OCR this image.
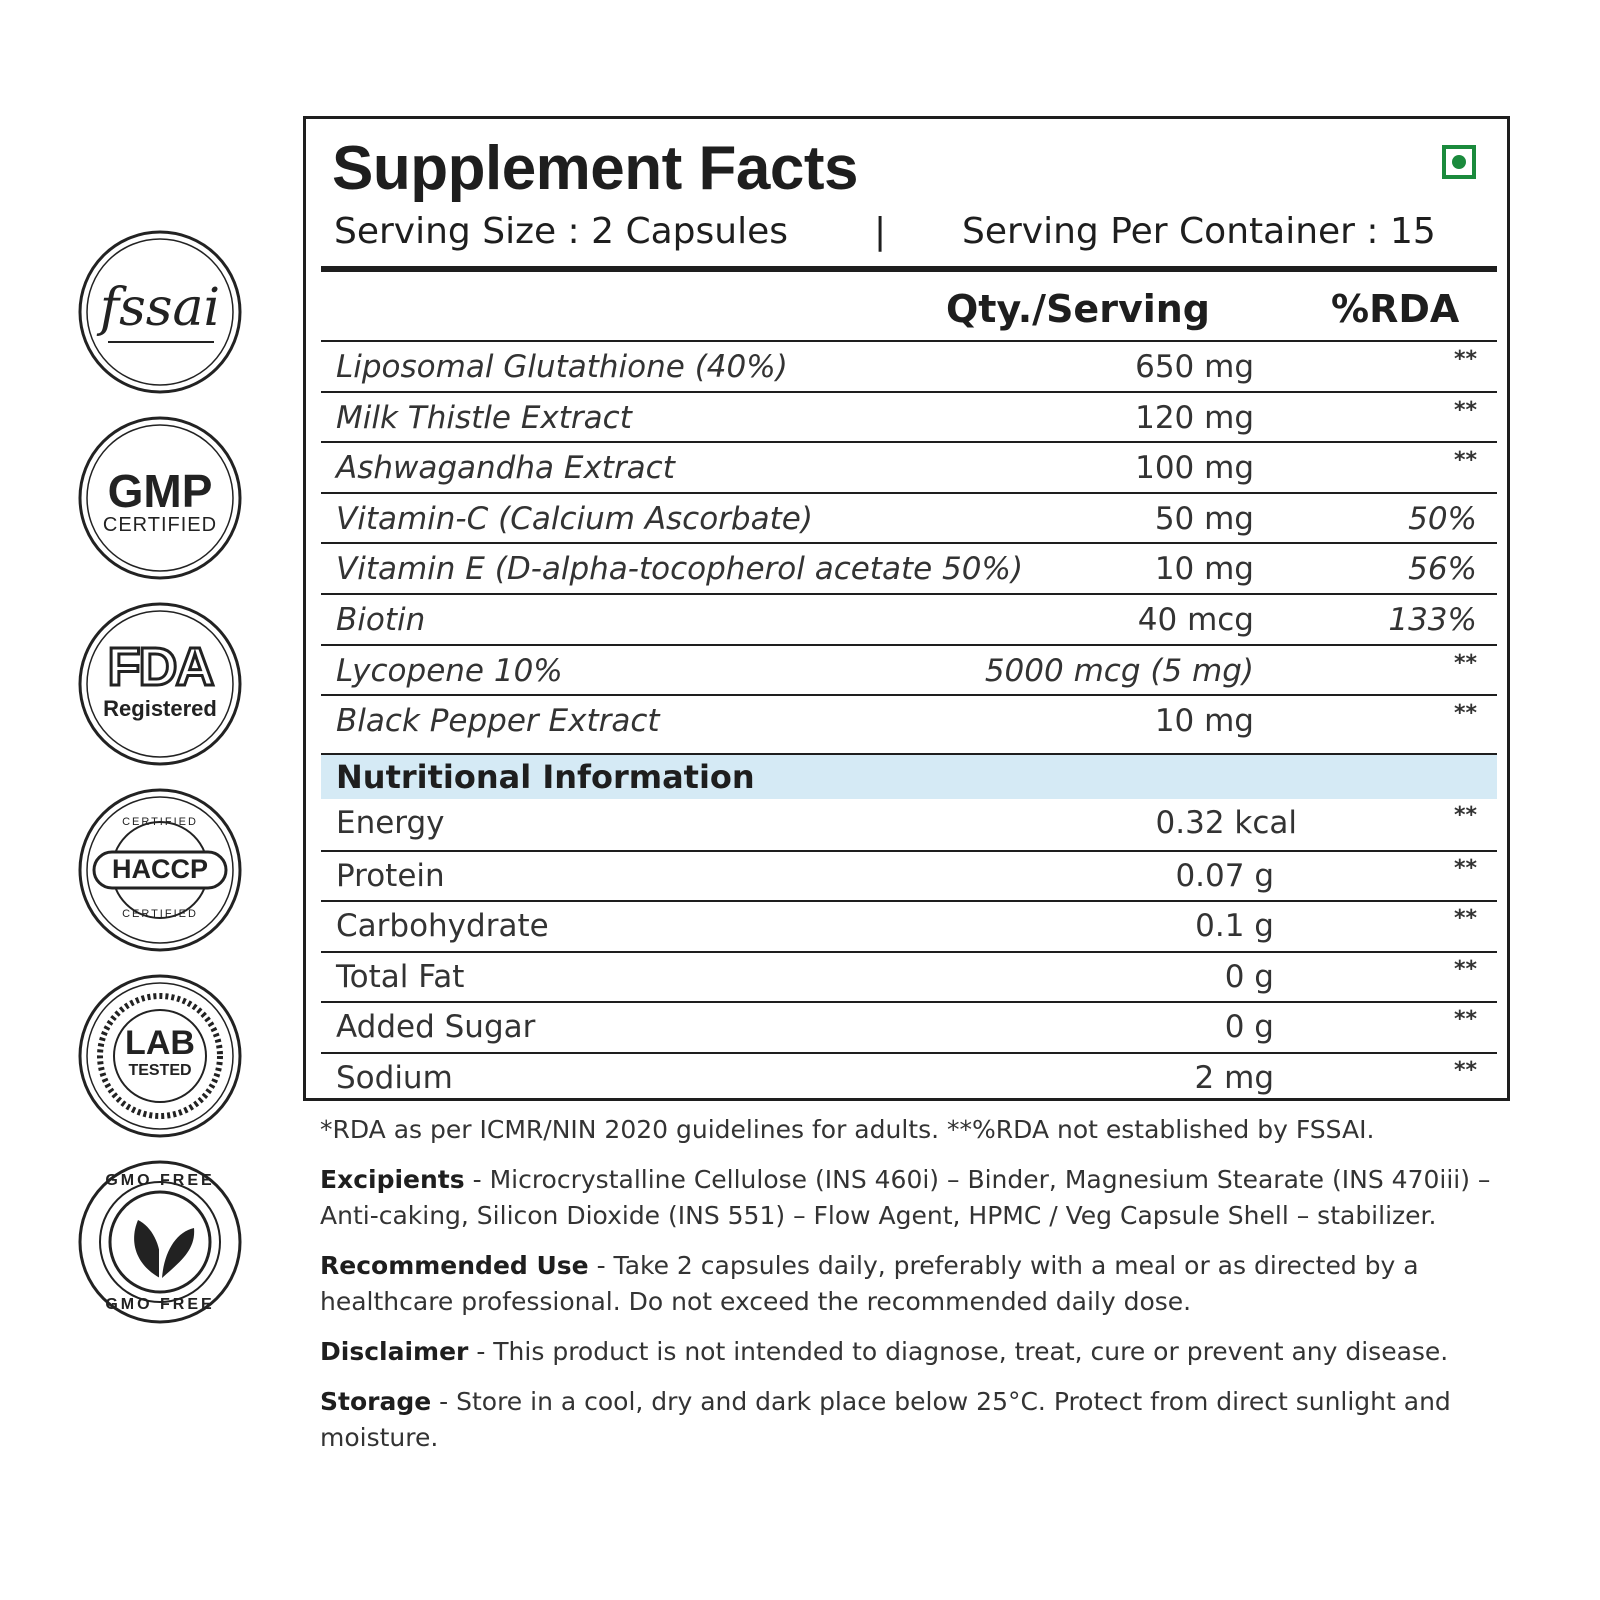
fssai
GMP
CERTIFIED
FDA
Registered
CERTIFIED
HACCP
CERTIFIED
LAB
TESTED
GMO FREE
GMO FREE
Supplement Facts
Serving Size : 2 Capsules | Serving Per Container : 15
Qty./Serving	%RDA
Liposomal Glutathione (40%)	650 mg	**
Milk Thistle Extract	120 mg	**
Ashwagandha Extract	100 mg	**
Vitamin-C (Calcium Ascorbate)	50 mg	50%
Vitamin E (D-alpha-tocopherol acetate 50%)	10 mg	56%
Biotin	40 mcg	133%
Lycopene 10%	5000 mcg (5 mg)	**
Black Pepper Extract	10 mg	**
Nutritional Information
Energy	0.32 kcal	**
Protein	0.07 g	**
Carbohydrate	0.1 g	**
Total Fat	0 g	**
Added Sugar	0 g	**
Sodium	2 mg	**

*RDA as per ICMR/NIN 2020 guidelines for adults. **%RDA not established by FSSAI.

Excipients - Microcrystalline Cellulose (INS 460i) – Binder, Magnesium Stearate (INS 470iii) – Anti-caking, Silicon Dioxide (INS 551) – Flow Agent, HPMC / Veg Capsule Shell – stabilizer.

Recommended Use - Take 2 capsules daily, preferably with a meal or as directed by a healthcare professional. Do not exceed the recommended daily dose.

Disclaimer - This product is not intended to diagnose, treat, cure or prevent any disease.

Storage - Store in a cool, dry and dark place below 25°C. Protect from direct sunlight and moisture.
